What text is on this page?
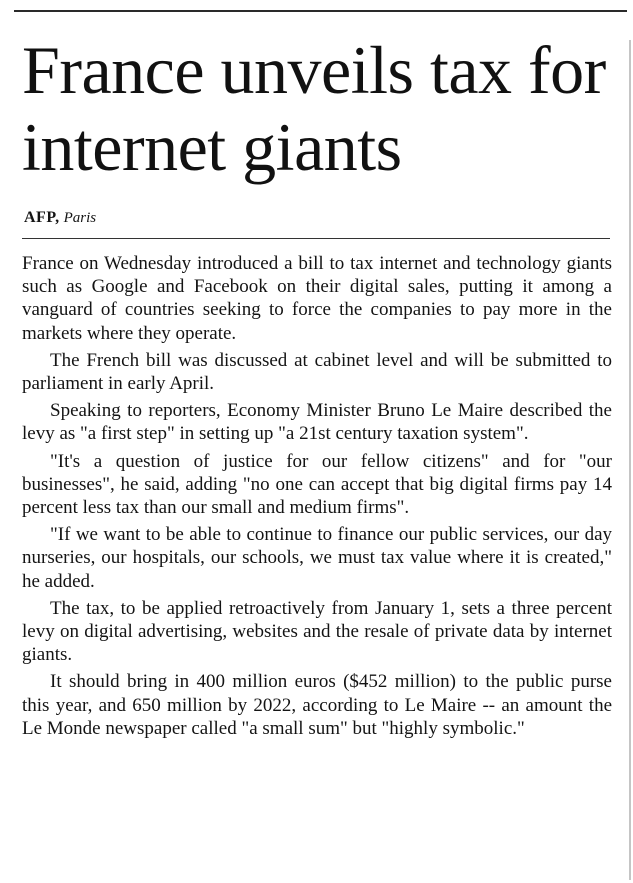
France unveils tax for internet giants
AFP, Paris

France on Wednesday introduced a bill to tax internet and technology giants such as Google and Facebook on their digital sales, putting it among a vanguard of countries seeking to force the companies to pay more in the markets where they operate.

The French bill was discussed at cabinet level and will be submitted to parliament in early April.

Speaking to reporters, Economy Minister Bruno Le Maire described the levy as "a first step" in setting up "a 21st century taxation system".

"It's a question of justice for our fellow citizens" and for "our businesses", he said, adding "no one can accept that big digital firms pay 14 percent less tax than our small and medium firms".

"If we want to be able to continue to finance our public services, our day nurseries, our hospitals, our schools, we must tax value where it is created," he added.

The tax, to be applied retroactively from January 1, sets a three percent levy on digital advertising, websites and the resale of private data by internet giants.

It should bring in 400 million euros ($452 million) to the public purse this year, and 650 million by 2022, according to Le Maire -- an amount the Le Monde newspaper called "a small sum" but "highly symbolic."
